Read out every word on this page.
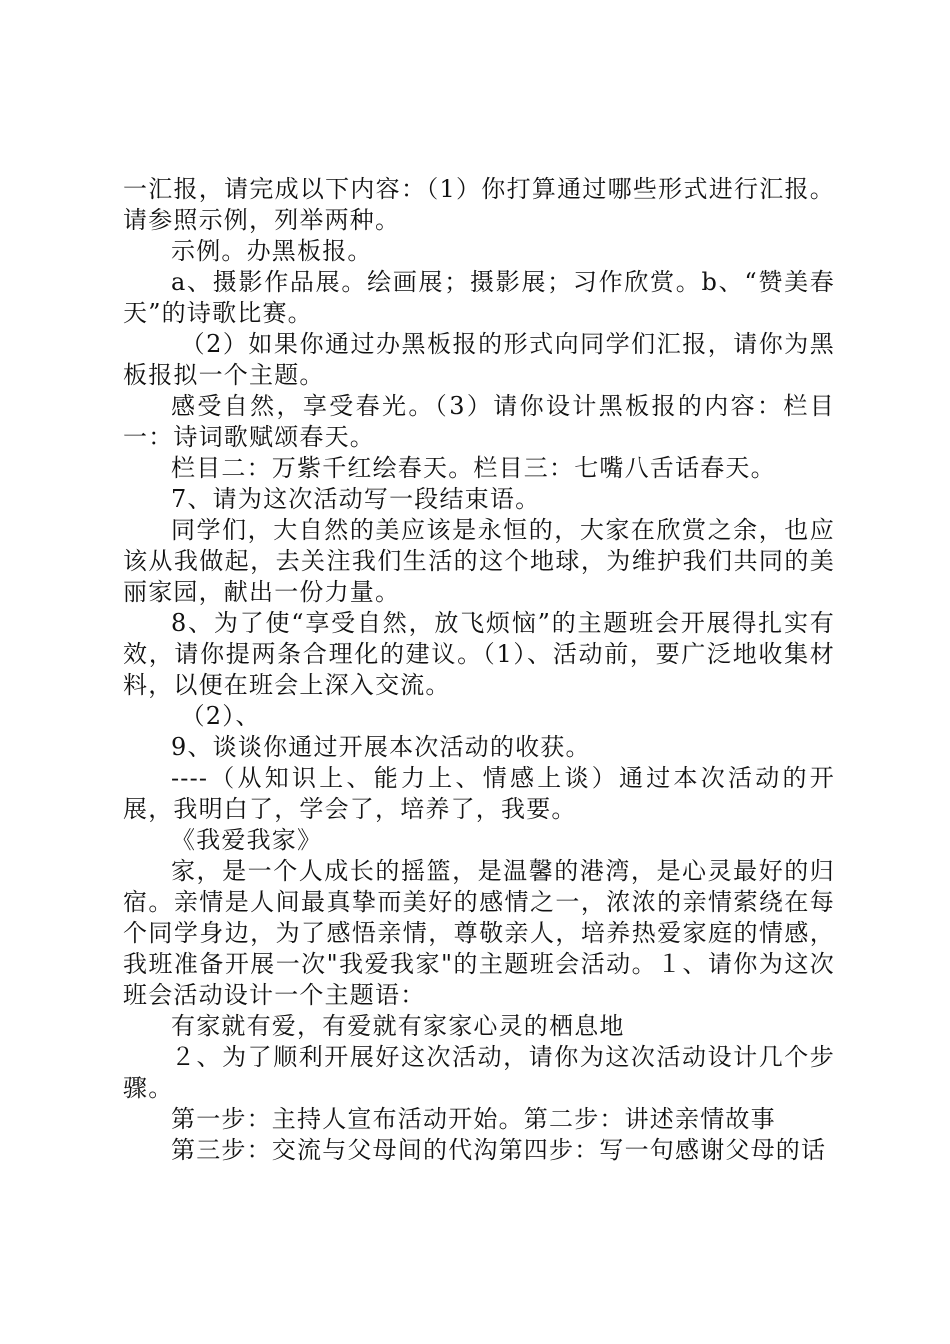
一汇报，请完成以下内容：（1）你打算通过哪些形式进行汇报。请参照示例，列举两种。

示例。办黑板报。

a、摄影作品展。绘画展；摄影展；习作欣赏。b、“赞美春天”的诗歌比赛。

（2）如果你通过办黑板报的形式向同学们汇报，请你为黑板报拟一个主题。

感受自然，享受春光。（3）请你设计黑板报的内容：栏目一：诗词歌赋颂春天。

栏目二：万紫千红绘春天。栏目三：七嘴八舌话春天。

7、请为这次活动写一段结束语。

同学们，大自然的美应该是永恒的，大家在欣赏之余，也应该从我做起，去关注我们生活的这个地球，为维护我们共同的美丽家园，献出一份力量。

8、为了使“享受自然，放飞烦恼”的主题班会开展得扎实有效，请你提两条合理化的建议。（1）、活动前，要广泛地收集材料，以便在班会上深入交流。

（2）、

9、谈谈你通过开展本次活动的收获。

----（从知识上、能力上、情感上谈）通过本次活动的开展，我明白了，学会了，培养了，我要。

《我爱我家》

家，是一个人成长的摇篮，是温馨的港湾，是心灵最好的归宿。亲情是人间最真挚而美好的感情之一，浓浓的亲情萦绕在每个同学身边，为了感悟亲情，尊敬亲人，培养热爱家庭的情感，我班准备开展一次"我爱我家"的主题班会活动。１、请你为这次班会活动设计一个主题语：

有家就有爱，有爱就有家家心灵的栖息地

２、为了顺利开展好这次活动，请你为这次活动设计几个步骤。

第一步：主持人宣布活动开始。第二步：讲述亲情故事

第三步：交流与父母间的代沟第四步：写一句感谢父母的话
